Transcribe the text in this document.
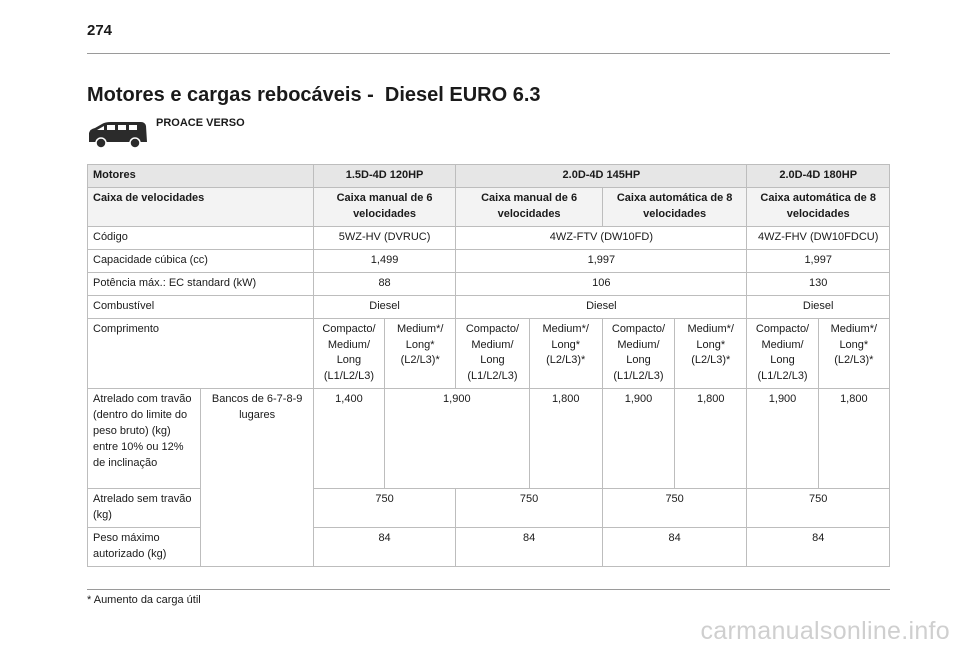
274
Motores e cargas rebocáveis -  Diesel EURO 6.3
PROACE VERSO
Motores		1.5D-4D 120HP		2.0D-4D 145HP				2.0D-4D 180HP	
Caixa de velocidades		Caixa manual de 6 velocidades		Caixa manual de 6 velocidades		Caixa automática de 8 velocidades		Caixa automática de 8 velocidades	
Código		5WZ-HV (DVRUC)		4WZ-FTV (DW10FD)				4WZ-FHV (DW10FDCU)	
Capacidade cúbica (cc)		1,499		1,997				1,997	
Potência máx.: EC standard (kW)		88		106				130	
Combustível		Diesel		Diesel				Diesel	
Comprimento		Compacto/ Medium/ Long (L1/L2/L3)	Medium*/ Long* (L2/L3)*	Compacto/ Medium/ Long (L1/L2/L3)	Medium*/ Long* (L2/L3)*	Compacto/ Medium/ Long (L1/L2/L3)	Medium*/ Long* (L2/L3)*	Compacto/ Medium/ Long (L1/L2/L3)	Medium*/ Long* (L2/L3)*
Atrelado com travão (dentro do limite do peso bruto) (kg) entre 10% ou 12% de inclinação	Bancos de 6-7-8-9 lugares	1,400	1,900		1,800	1,900	1,800	1,900	1,800
Atrelado sem travão (kg)		750		750		750		750	
Peso máximo autorizado (kg)		84		84		84		84	
* Aumento da carga útil
carmanualsonline.info
